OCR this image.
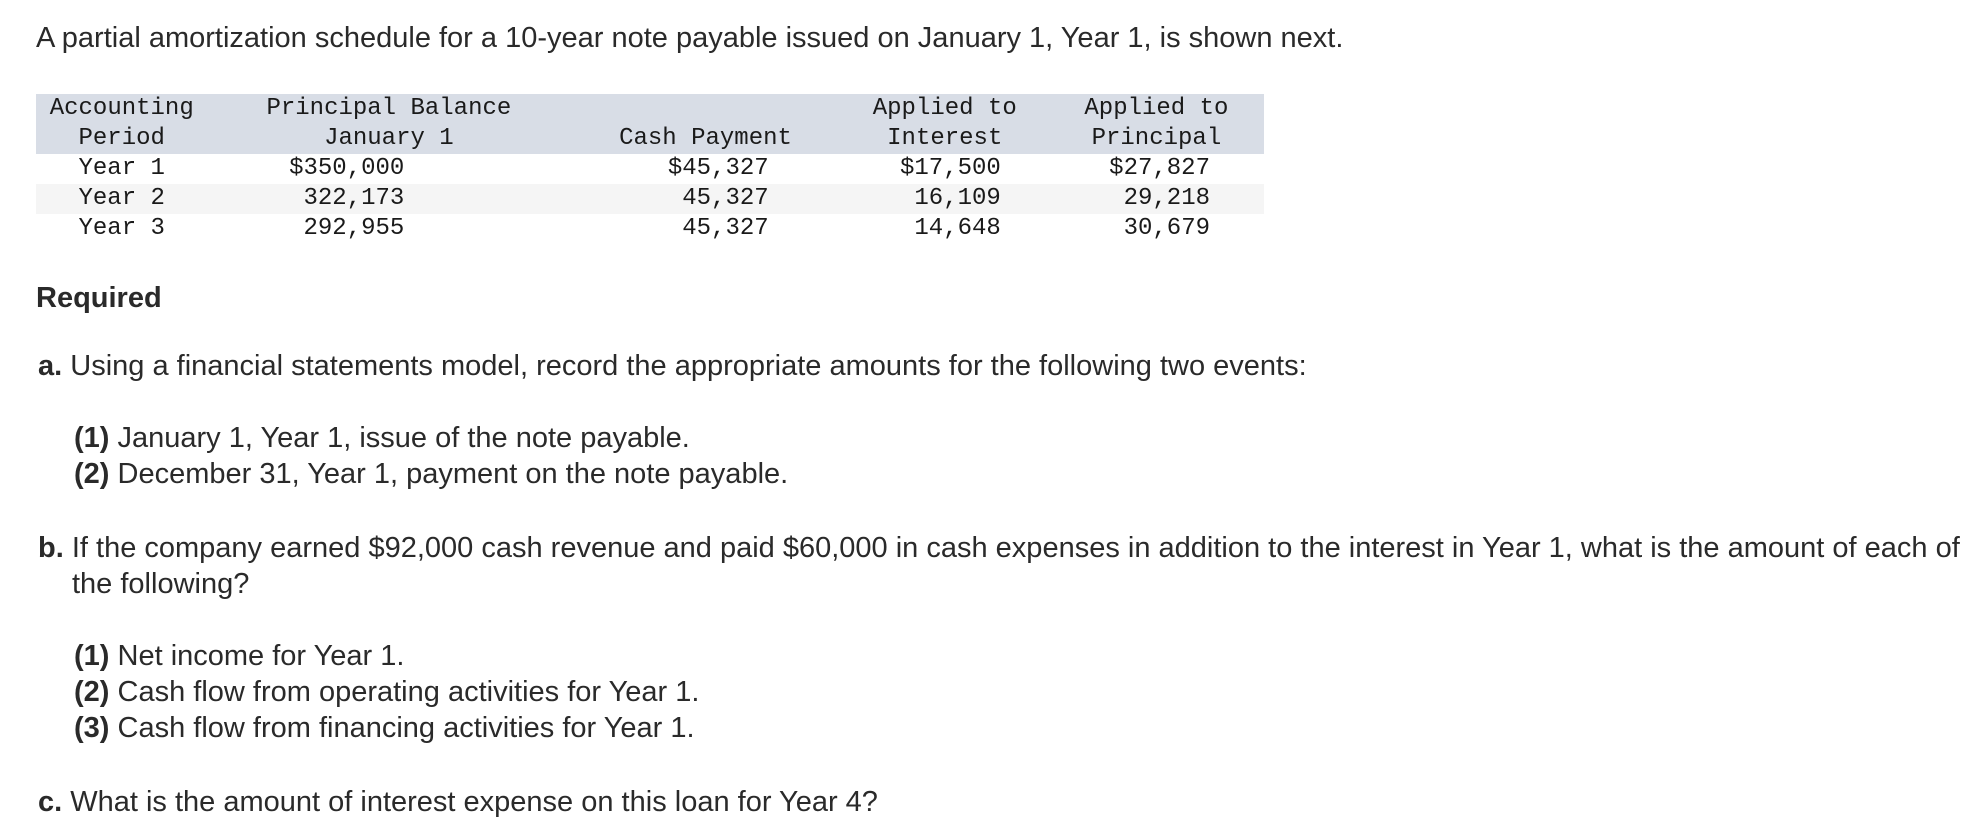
A partial amortization schedule for a 10-year note payable issued on January 1, Year 1, is shown next.

Accounting	Principal Balance		Applied to	Applied to
Period	January 1	Cash Payment	Interest	Principal
Year 1	$350,000	$45,327	$17,500	$27,827
Year 2	322,173	45,327	16,109	29,218
Year 3	292,955	45,327	14,648	30,679

Required

a. Using a financial statements model, record the appropriate amounts for the following two events:

(1) January 1, Year 1, issue of the note payable.
(2) December 31, Year 1, payment on the note payable.

b. If the company earned $92,000 cash revenue and paid $60,000 in cash expenses in addition to the interest in Year 1, what is the amount of each of the following?

(1) Net income for Year 1.
(2) Cash flow from operating activities for Year 1.
(3) Cash flow from financing activities for Year 1.

c. What is the amount of interest expense on this loan for Year 4?
